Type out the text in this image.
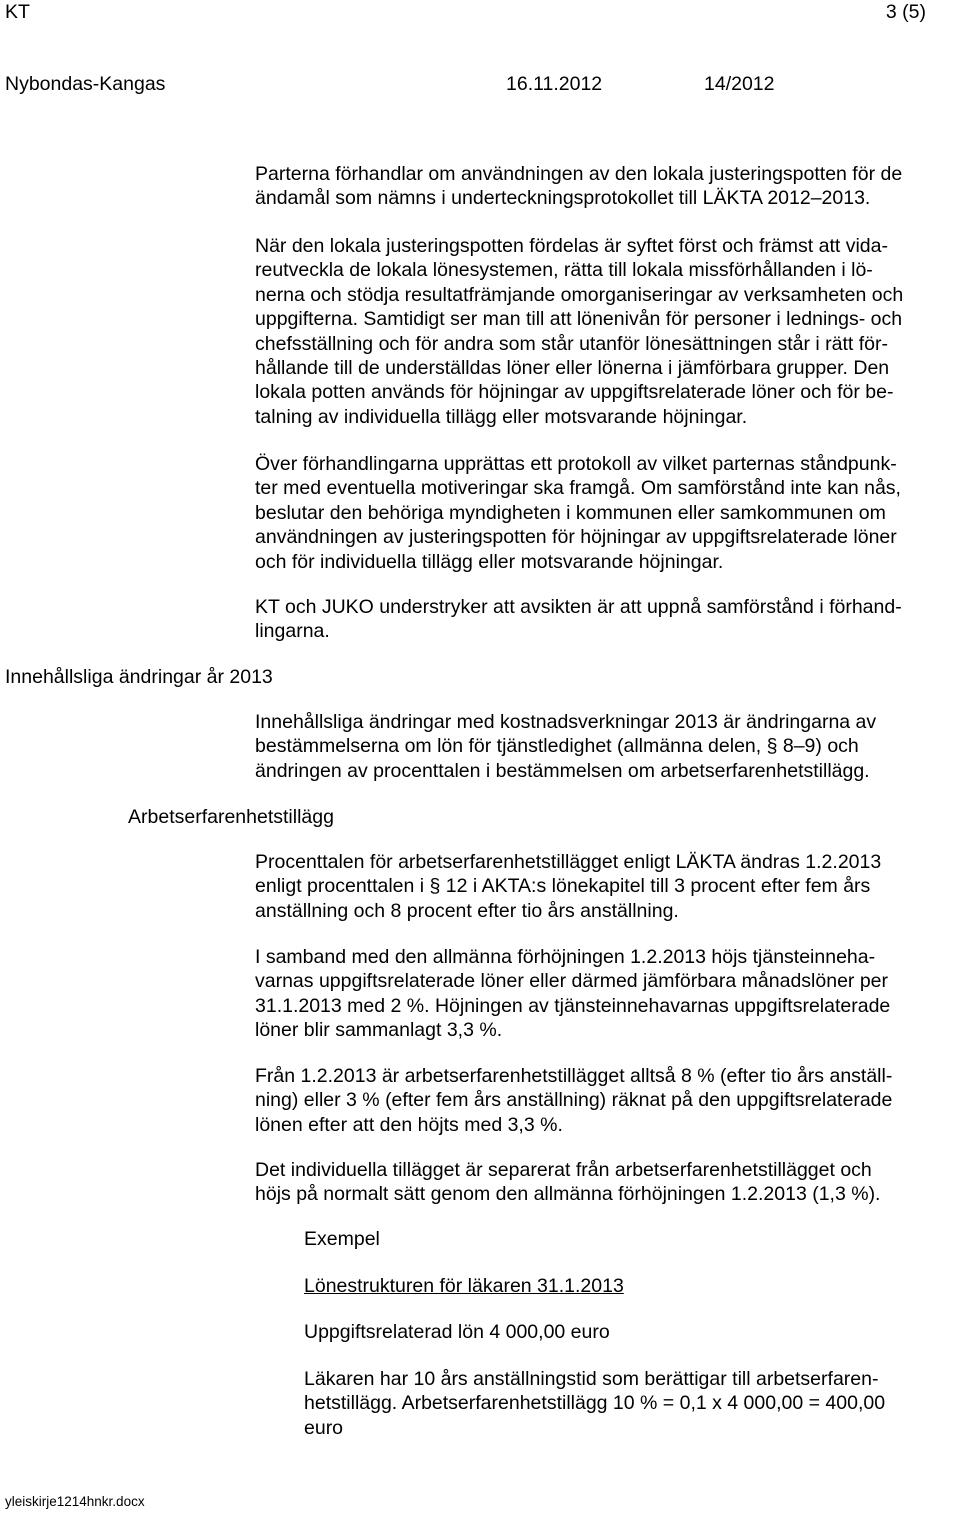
KT	3 (5)
Nybondas-Kangas	16.11.2012	14/2012
Innehållsliga ändringar år 2013
Arbetserfarenhetstillägg
Parterna förhandlar om användningen av den lokala justeringspotten för de
ändamål som nämns i underteckningsprotokollet till LÄKTA 2012–2013.
När den lokala justeringspotten fördelas är syftet först och främst att vida-
reutveckla de lokala lönesystemen, rätta till lokala missförhållanden i lö-
nerna och stödja resultatfrämjande omorganiseringar av verksamheten och
uppgifterna. Samtidigt ser man till att lönenivån för personer i lednings- och
chefsställning och för andra som står utanför lönesättningen står i rätt för-
hållande till de underställdas löner eller lönerna i jämförbara grupper. Den
lokala potten används för höjningar av uppgiftsrelaterade löner och för be-
talning av individuella tillägg eller motsvarande höjningar.
Över förhandlingarna upprättas ett protokoll av vilket parternas ståndpunk-
ter med eventuella motiveringar ska framgå. Om samförstånd inte kan nås,
beslutar den behöriga myndigheten i kommunen eller samkommunen om
användningen av justeringspotten för höjningar av uppgiftsrelaterade löner
och för individuella tillägg eller motsvarande höjningar.
KT och JUKO understryker att avsikten är att uppnå samförstånd i förhand-
lingarna.
Innehållsliga ändringar med kostnadsverkningar 2013 är ändringarna av
bestämmelserna om lön för tjänstledighet (allmänna delen, § 8–9) och
ändringen av procenttalen i bestämmelsen om arbetserfarenhetstillägg.
Procenttalen för arbetserfarenhetstillägget enligt LÄKTA ändras 1.2.2013
enligt procenttalen i § 12 i AKTA:s lönekapitel till 3 procent efter fem års
anställning och 8 procent efter tio års anställning.
I samband med den allmänna förhöjningen 1.2.2013 höjs tjänsteinneha-
varnas uppgiftsrelaterade löner eller därmed jämförbara månadslöner per
31.1.2013 med 2 %. Höjningen av tjänsteinnehavarnas uppgiftsrelaterade
löner blir sammanlagt 3,3 %.
Från 1.2.2013 är arbetserfarenhetstillägget alltså 8 % (efter tio års anställ-
ning) eller 3 % (efter fem års anställning) räknat på den uppgiftsrelaterade
lönen efter att den höjts med 3,3 %.
Det individuella tillägget är separerat från arbetserfarenhetstillägget och
höjs på normalt sätt genom den allmänna förhöjningen 1.2.2013 (1,3 %).
Exempel
Lönestrukturen för läkaren 31.1.2013
Uppgiftsrelaterad lön 4 000,00 euro
Läkaren har 10 års anställningstid som berättigar till arbetserfaren-
hetstillägg. Arbetserfarenhetstillägg 10 % = 0,1 x 4 000,00 = 400,00
euro
yleiskirje1214hnkr.docx
